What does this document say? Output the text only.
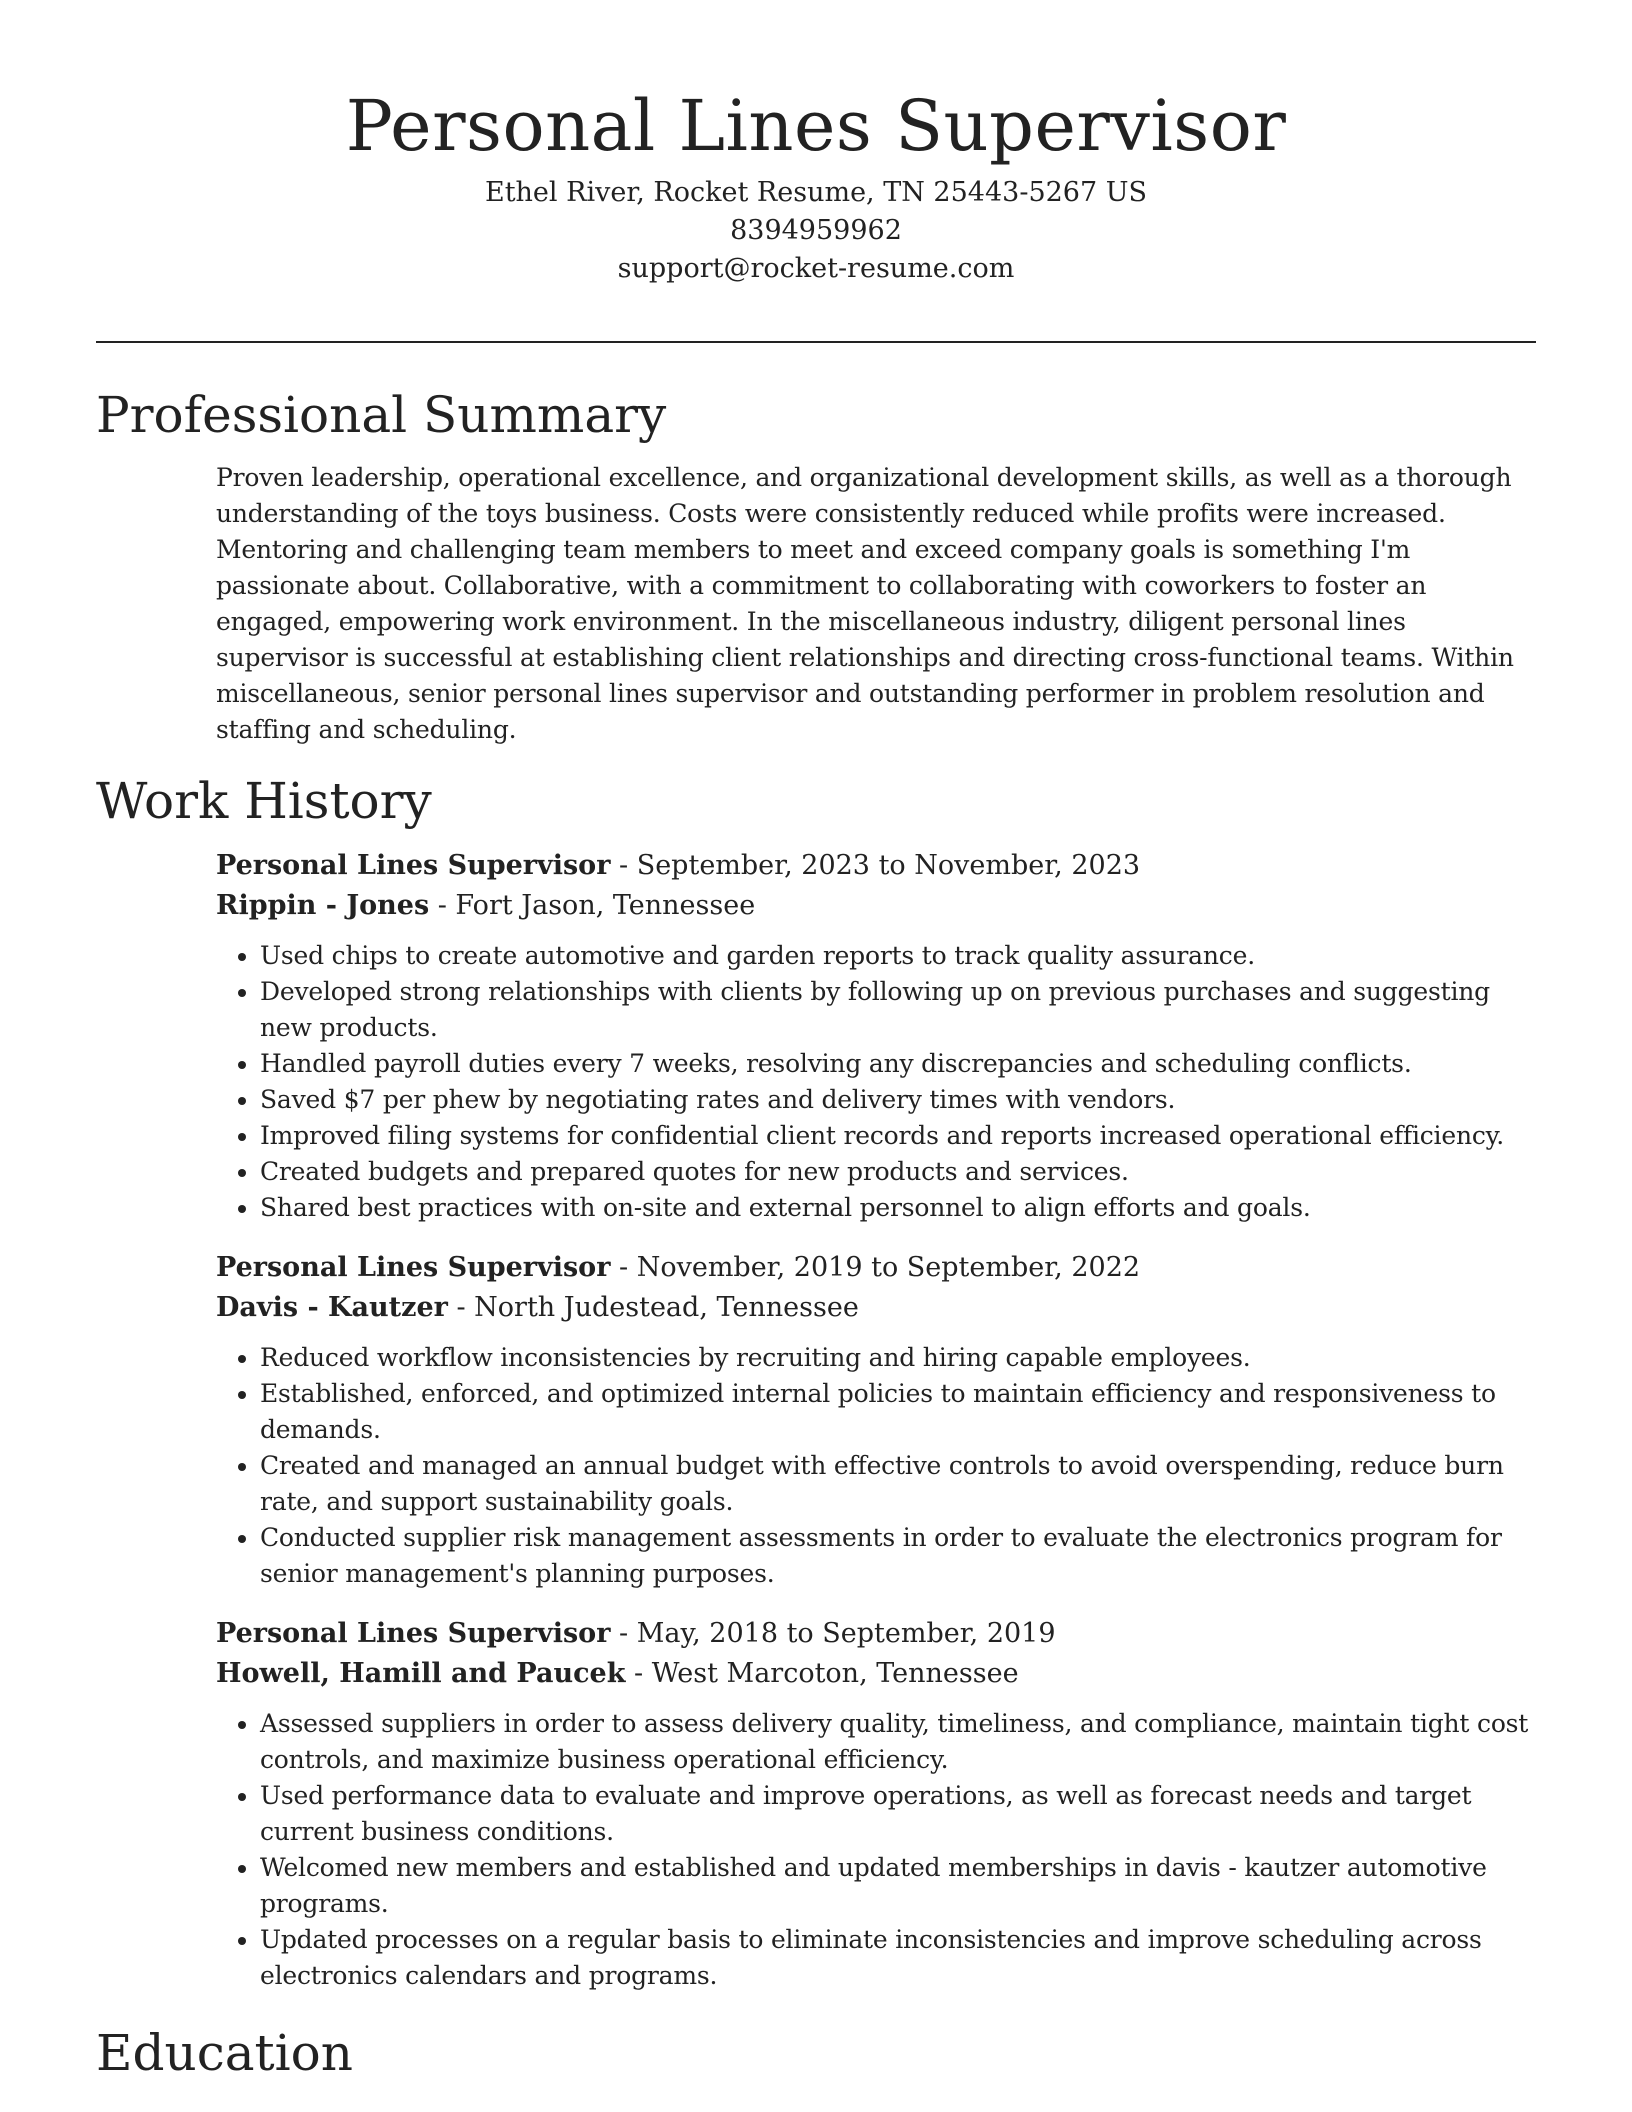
Personal Lines Supervisor
Ethel River, Rocket Resume, TN 25443-5267 US
8394959962
support@rocket-resume.com
Professional Summary

Proven leadership, operational excellence, and organizational development skills, as well as a thorough understanding of the toys business. Costs were consistently reduced while profits were increased. Mentoring and challenging team members to meet and exceed company goals is something I'm passionate about. Collaborative, with a commitment to collaborating with coworkers to foster an engaged, empowering work environment. In the miscellaneous industry, diligent personal lines supervisor is successful at establishing client relationships and directing cross-functional teams. Within miscellaneous, senior personal lines supervisor and outstanding performer in problem resolution and staffing and scheduling.

Work History
Personal Lines Supervisor - September, 2023 to November, 2023
Rippin - Jones - Fort Jason, Tennessee
• Used chips to create automotive and garden reports to track quality assurance.
• Developed strong relationships with clients by following up on previous purchases and suggesting new products.
• Handled payroll duties every 7 weeks, resolving any discrepancies and scheduling conflicts.
• Saved $7 per phew by negotiating rates and delivery times with vendors.
• Improved filing systems for confidential client records and reports increased operational efficiency.
• Created budgets and prepared quotes for new products and services.
• Shared best practices with on-site and external personnel to align efforts and goals.
Personal Lines Supervisor - November, 2019 to September, 2022
Davis - Kautzer - North Judestead, Tennessee
• Reduced workflow inconsistencies by recruiting and hiring capable employees.
• Established, enforced, and optimized internal policies to maintain efficiency and responsiveness to demands.
• Created and managed an annual budget with effective controls to avoid overspending, reduce burn rate, and support sustainability goals.
• Conducted supplier risk management assessments in order to evaluate the electronics program for senior management's planning purposes.
Personal Lines Supervisor - May, 2018 to September, 2019
Howell, Hamill and Paucek - West Marcoton, Tennessee
• Assessed suppliers in order to assess delivery quality, timeliness, and compliance, maintain tight cost controls, and maximize business operational efficiency.
• Used performance data to evaluate and improve operations, as well as forecast needs and target current business conditions.
• Welcomed new members and established and updated memberships in davis - kautzer automotive programs.
• Updated processes on a regular basis to eliminate inconsistencies and improve scheduling across electronics calendars and programs.
Education
